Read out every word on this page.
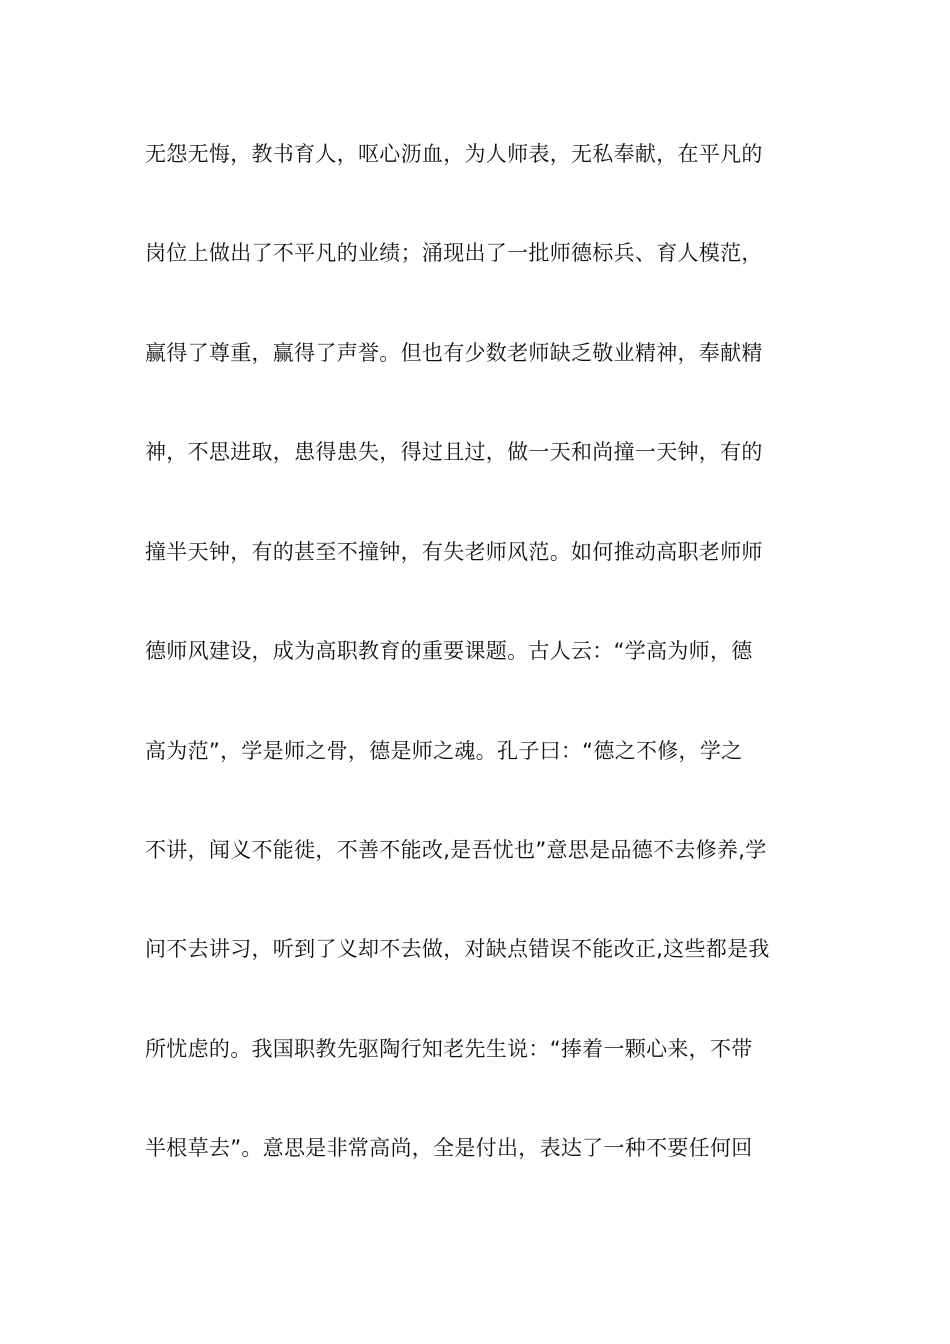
无怨无悔，教书育人，呕心沥血，为人师表，无私奉献，在平凡的
岗位上做出了不平凡的业绩；涌现出了一批师德标兵、育人模范，
赢得了尊重，赢得了声誉。但也有少数老师缺乏敬业精神，奉献精
神，不思进取，患得患失，得过且过，做一天和尚撞一天钟，有的
撞半天钟，有的甚至不撞钟，有失老师风范。如何推动高职老师师
德师风建设，成为高职教育的重要课题。古人云：“学高为师，德
高为范”，学是师之骨，德是师之魂。孔子曰：“德之不修，学之
不讲，闻义不能徙，不善不能改,是吾忧也”意思是品德不去修养,学
问不去讲习，听到了义却不去做，对缺点错误不能改正,这些都是我
所忧虑的。我国职教先驱陶行知老先生说：“捧着一颗心来，不带
半根草去”。意思是非常高尚，全是付出，表达了一种不要任何回
